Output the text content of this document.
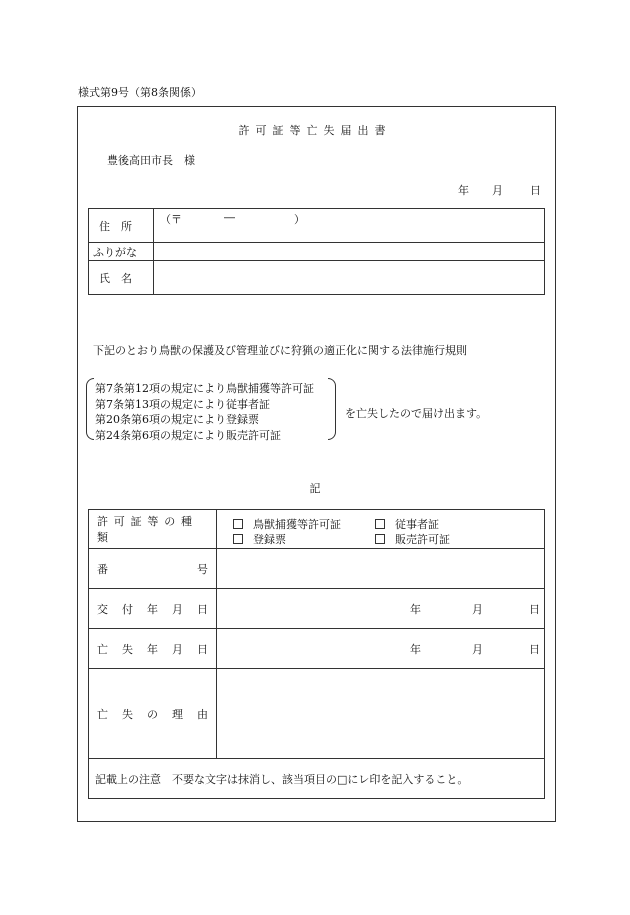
様式第9号（第8条関係）
許可証等亡失届出書
豊後高田市長　様
年 月 日
住　所	（〒 ― ）

ふりがな	

氏　名	

下記のとおり鳥獣の保護及び管理並びに狩猟の適正化に関する法律施行規則
第7条第12項の規定により鳥獣捕獲等許可証
第7条第13項の規定により従事者証
第20条第6項の規定により登録票
第24条第6項の規定により販売許可証
を亡失したので届け出ます。
記
許可証等の種類	鳥獣捕獲等許可証 従事者証
登録票 販売許可証

番 号	

交 付 年 月 日	年 月 日

亡 失 年 月 日	年 月 日

亡 失 の 理 由	

記載上の注意　不要な文字は抹消し、該当項目の□にレ印を記入すること。	
